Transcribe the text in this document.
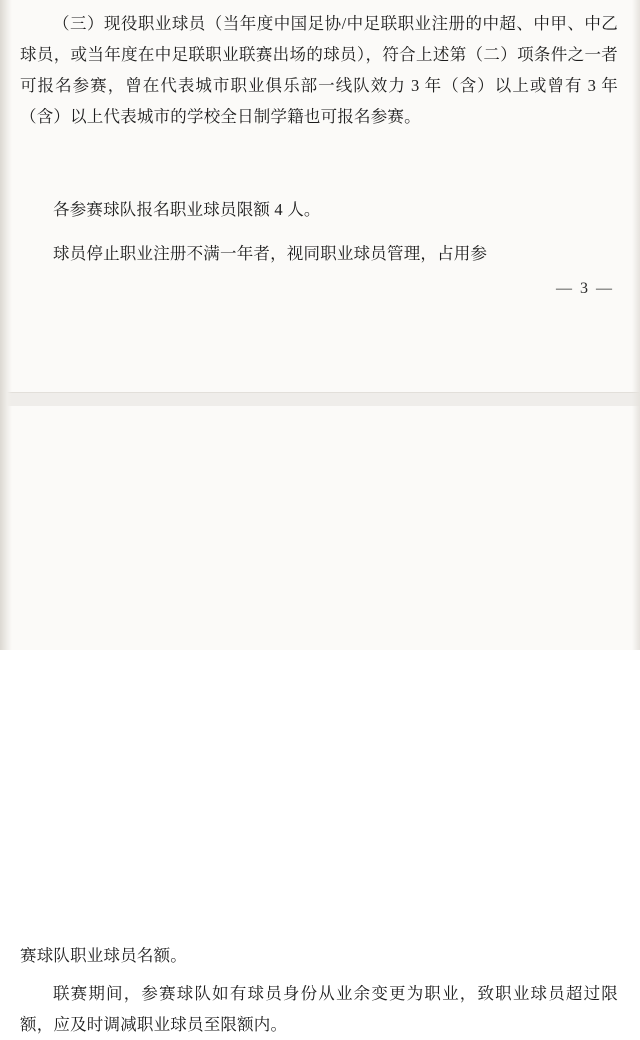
（三）现役职业球员（当年度中国足协/中足联职业注册的中超、中甲、中乙球员，或当年度在中足联职业联赛出场的球员），符合上述第（二）项条件之一者可报名参赛，曾在代表城市职业俱乐部一线队效力 3 年（含）以上或曾有 3 年（含）以上代表城市的学校全日制学籍也可报名参赛。

各参赛球队报名职业球员限额 4 人。

球员停止职业注册不满一年者，视同职业球员管理，占用参

— 3 —

赛球队职业球员名额。

联赛期间，参赛球队如有球员身份从业余变更为职业，致职业球员超过限额，应及时调减职业球员至限额内。
